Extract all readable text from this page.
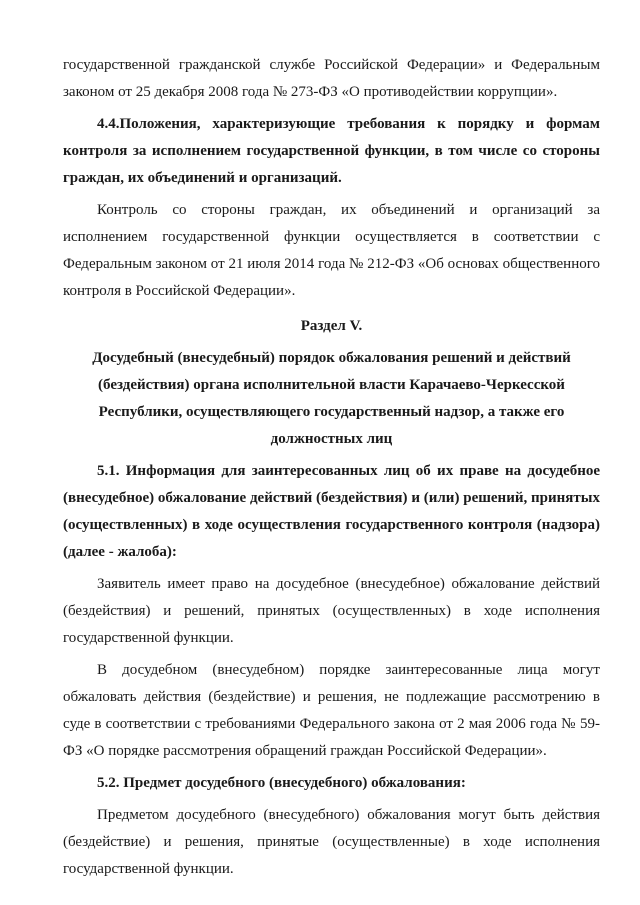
государственной гражданской службе Российской Федерации» и Федеральным законом от 25 декабря 2008 года № 273-ФЗ «О противодействии коррупции».

4.4.Положения, характеризующие требования к порядку и формам контроля за исполнением государственной функции, в том числе со стороны граждан, их объединений и организаций.

Контроль со стороны граждан, их объединений и организаций за исполнением государственной функции осуществляется в соответствии с Федеральным законом от 21 июля 2014 года № 212-ФЗ «Об основах общественного контроля в Российской Федерации».

Раздел V.

Досудебный (внесудебный) порядок обжалования решений и действий (бездействия) органа исполнительной власти Карачаево-Черкесской Республики, осуществляющего государственный надзор, а также его должностных лиц

5.1. Информация для заинтересованных лиц об их праве на досудебное (внесудебное) обжалование действий (бездействия) и (или) решений, принятых (осуществленных) в ходе осуществления государственного контроля (надзора) (далее - жалоба):

Заявитель имеет право на досудебное (внесудебное) обжалование действий (бездействия) и решений, принятых (осуществленных) в ходе исполнения государственной функции.

В досудебном (внесудебном) порядке заинтересованные лица могут обжаловать действия (бездействие) и решения, не подлежащие рассмотрению в суде в соответствии с требованиями Федерального закона от 2 мая 2006 года № 59-ФЗ «О порядке рассмотрения обращений граждан Российской Федерации».

5.2. Предмет досудебного (внесудебного) обжалования:

Предметом досудебного (внесудебного) обжалования могут быть действия (бездействие) и решения, принятые (осуществленные) в ходе исполнения государственной функции.
